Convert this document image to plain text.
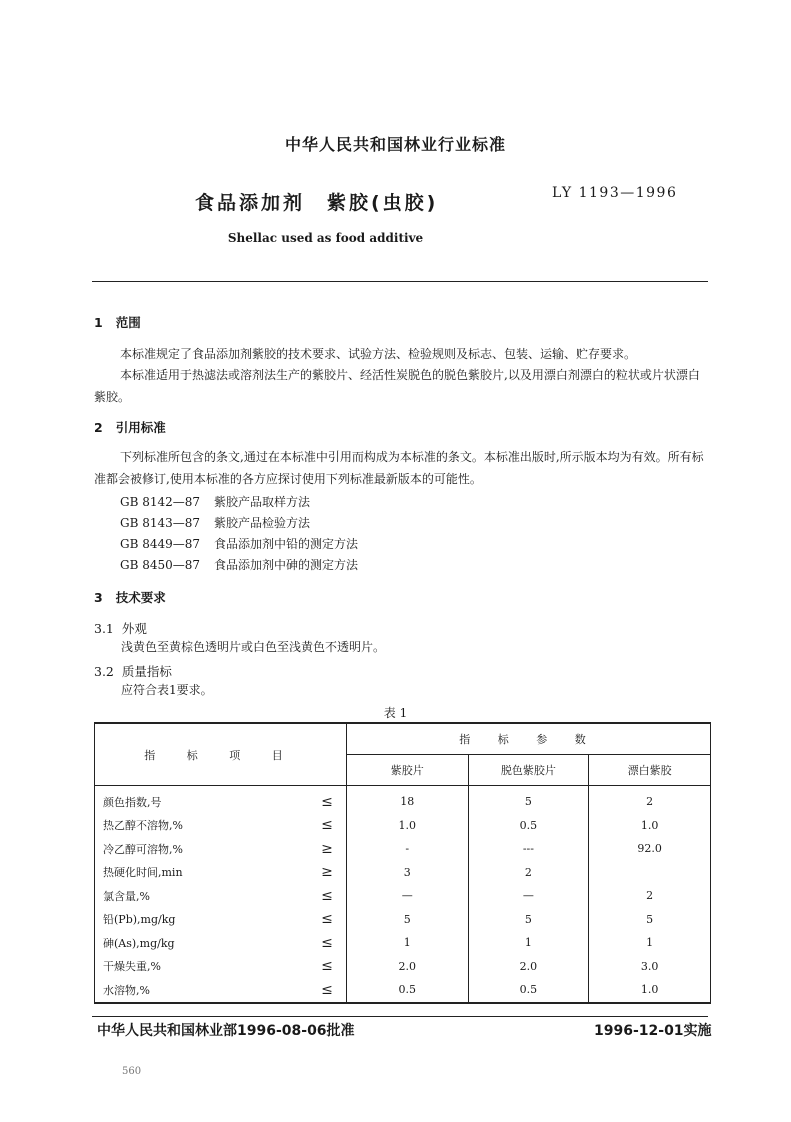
中华人民共和国林业行业标准
食品添加剂　紫胶(虫胶)	LY 1193—1996
Shellac used as food additive
1 范围
本标准规定了食品添加剂紫胶的技术要求、试验方法、检验规则及标志、包装、运输、贮存要求。
本标准适用于热滤法或溶剂法生产的紫胶片、经活性炭脱色的脱色紫胶片,以及用漂白剂漂白的粒状或片状漂白紫胶。
2 引用标准
下列标准所包含的条文,通过在本标准中引用而构成为本标准的条文。本标准出版时,所示版本均为有效。所有标准都会被修订,使用本标准的各方应探讨使用下列标准最新版本的可能性。
GB 8142—87 紫胶产品取样方法
GB 8143—87 紫胶产品检验方法
GB 8449—87 食品添加剂中铅的测定方法
GB 8450—87 食品添加剂中砷的测定方法
3 技术要求
3.1 外观
浅黄色至黄棕色透明片或白色至浅黄色不透明片。
3.2 质量指标
应符合表1要求。
表 1
指 标 项 目		指 标 参 数		
		紫胶片	脱色紫胶片	漂白紫胶
颜色指数,号	≤	18	5	2
热乙醇不溶物,%	≤	1.0	0.5	1.0
冷乙醇可溶物,%	≥	-	---	92.0
热硬化时间,min	≥	3	2	
氯含量,%	≤	—	—	2
铅(Pb),mg/kg	≤	5	5	5
砷(As),mg/kg	≤	1	1	1
干燥失重,%	≤	2.0	2.0	3.0
水溶物,%	≤	0.5	0.5	1.0
中华人民共和国林业部1996-08-06批准	1996-12-01实施
560
